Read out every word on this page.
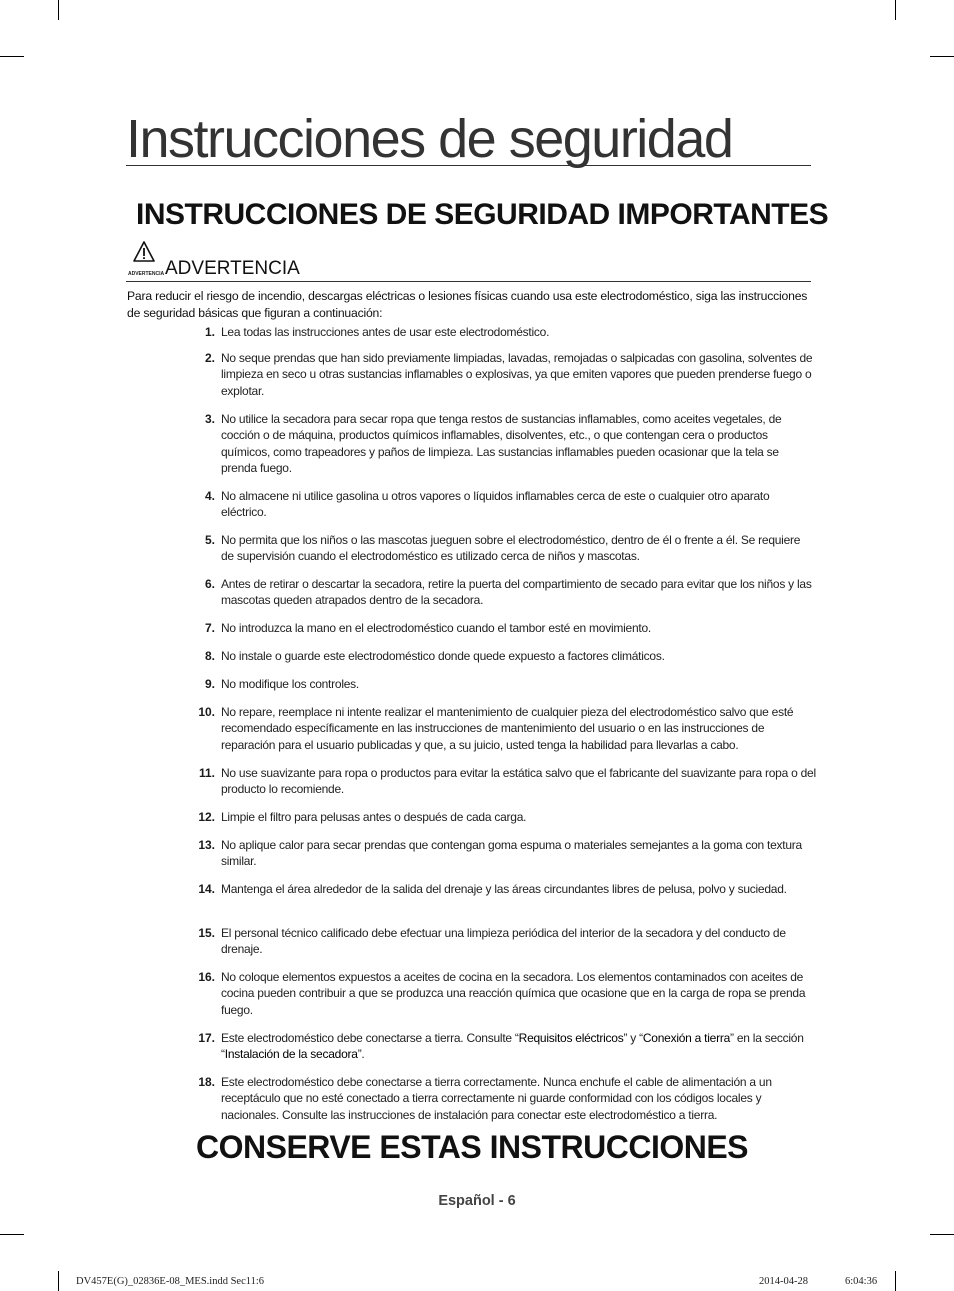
Instrucciones de seguridad
INSTRUCCIONES DE SEGURIDAD IMPORTANTES
ADVERTENCIA ADVERTENCIA

Para reducir el riesgo de incendio, descargas eléctricas o lesiones físicas cuando usa este electrodoméstico, siga las instrucciones de seguridad básicas que figuran a continuación:

1. Lea todas las instrucciones antes de usar este electrodoméstico.
2. No seque prendas que han sido previamente limpiadas, lavadas, remojadas o salpicadas con gasolina, solventes de limpieza en seco u otras sustancias inflamables o explosivas, ya que emiten vapores que pueden prenderse fuego o explotar.
3. No utilice la secadora para secar ropa que tenga restos de sustancias inflamables, como aceites vegetales, de cocción o de máquina, productos químicos inflamables, disolventes, etc., o que contengan cera o productos químicos, como trapeadores y paños de limpieza. Las sustancias inflamables pueden ocasionar que la tela se prenda fuego.
4. No almacene ni utilice gasolina u otros vapores o líquidos inflamables cerca de este o cualquier otro aparato eléctrico.
5. No permita que los niños o las mascotas jueguen sobre el electrodoméstico, dentro de él o frente a él. Se requiere de supervisión cuando el electrodoméstico es utilizado cerca de niños y mascotas.
6. Antes de retirar o descartar la secadora, retire la puerta del compartimiento de secado para evitar que los niños y las mascotas queden atrapados dentro de la secadora.
7. No introduzca la mano en el electrodoméstico cuando el tambor esté en movimiento.
8. No instale o guarde este electrodoméstico donde quede expuesto a factores climáticos.
9. No modifique los controles.
10. No repare, reemplace ni intente realizar el mantenimiento de cualquier pieza del electrodoméstico salvo que esté recomendado específicamente en las instrucciones de mantenimiento del usuario o en las instrucciones de reparación para el usuario publicadas y que, a su juicio, usted tenga la habilidad para llevarlas a cabo.
11. No use suavizante para ropa o productos para evitar la estática salvo que el fabricante del suavizante para ropa o del producto lo recomiende.
12. Limpie el filtro para pelusas antes o después de cada carga.
13. No aplique calor para secar prendas que contengan goma espuma o materiales semejantes a la goma con textura similar.
14. Mantenga el área alrededor de la salida del drenaje y las áreas circundantes libres de pelusa, polvo y suciedad.
15. El personal técnico calificado debe efectuar una limpieza periódica del interior de la secadora y del conducto de drenaje.
16. No coloque elementos expuestos a aceites de cocina en la secadora. Los elementos contaminados con aceites de cocina pueden contribuir a que se produzca una reacción química que ocasione que en la carga de ropa se prenda fuego.
17. Este electrodoméstico debe conectarse a tierra. Consulte “Requisitos eléctricos” y “Conexión a tierra” en la sección “Instalación de la secadora”.
18. Este electrodoméstico debe conectarse a tierra correctamente. Nunca enchufe el cable de alimentación a un receptáculo que no esté conectado a tierra correctamente ni guarde conformidad con los códigos locales y nacionales. Consulte las instrucciones de instalación para conectar este electrodoméstico a tierra.
CONSERVE ESTAS INSTRUCCIONES
Español - 6
DV457E(G)_02836E-08_MES.indd Sec11:6	2014-04-28	6:04:36
